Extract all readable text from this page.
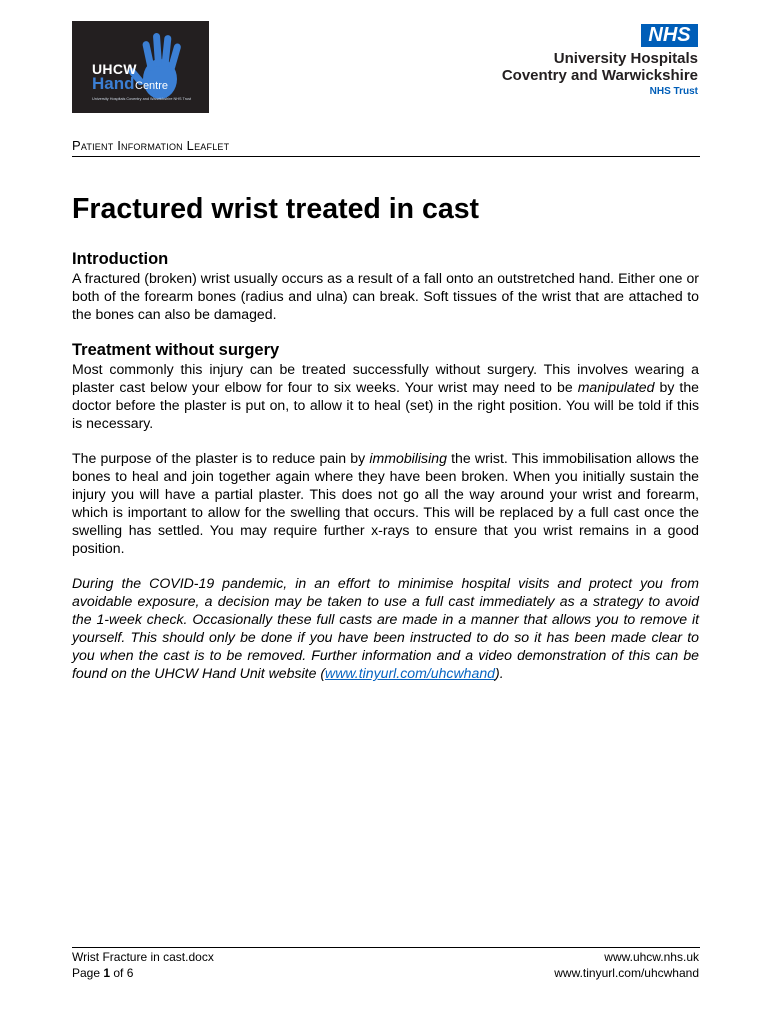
UHCW
Hand Centre
University Hospitals Coventry and Warwickshire NHS Trust
NHS
University Hospitals
Coventry and Warwickshire
NHS Trust
Patient Information Leaflet
Fractured wrist treated in cast
Introduction

A fractured (broken) wrist usually occurs as a result of a fall onto an outstretched hand. Either one or both of the forearm bones (radius and ulna) can break. Soft tissues of the wrist that are attached to the bones can also be damaged.

Treatment without surgery

Most commonly this injury can be treated successfully without surgery. This involves wearing a plaster cast below your elbow for four to six weeks. Your wrist may need to be manipulated by the doctor before the plaster is put on, to allow it to heal (set) in the right position. You will be told if this is necessary.

The purpose of the plaster is to reduce pain by immobilising the wrist. This immobilisation allows the bones to heal and join together again where they have been broken. When you initially sustain the injury you will have a partial plaster. This does not go all the way around your wrist and forearm, which is important to allow for the swelling that occurs. This will be replaced by a full cast once the swelling has settled. You may require further x-rays to ensure that you wrist remains in a good position.

During the COVID-19 pandemic, in an effort to minimise hospital visits and protect you from avoidable exposure, a decision may be taken to use a full cast immediately as a strategy to avoid the 1-week check. Occasionally these full casts are made in a manner that allows you to remove it yourself. This should only be done if you have been instructed to do so it has been made clear to you when the cast is to be removed. Further information and a video demonstration of this can be found on the UHCW Hand Unit website (www.tinyurl.com/uhcwhand).

Wrist Fracture in cast.docx
Page 1 of 6
www.uhcw.nhs.uk
www.tinyurl.com/uhcwhand
